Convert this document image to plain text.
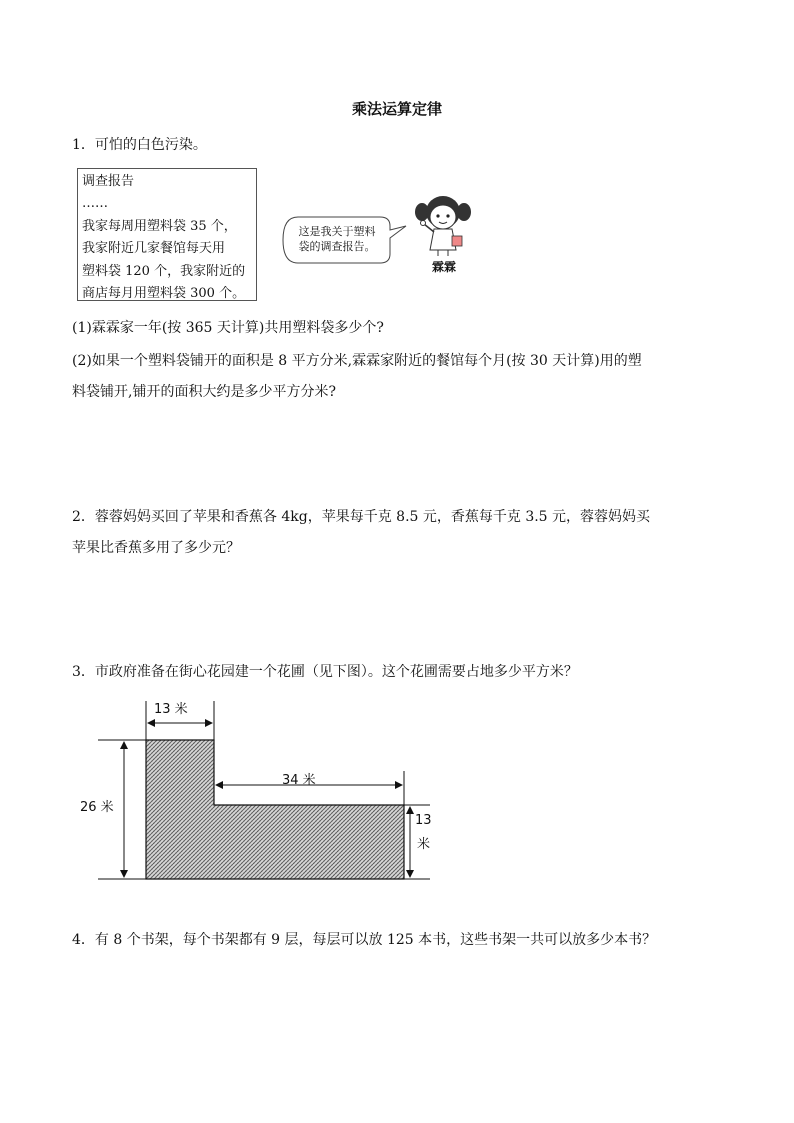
乘法运算定律
1．可怕的白色污染。
调查报告
……
我家每周用塑料袋 35 个，
我家附近几家餐馆每天用
塑料袋 120 个，我家附近的
商店每月用塑料袋 300 个。
这是我关于塑料
袋的调查报告。
霖霖
(1)霖霖家一年(按 365 天计算)共用塑料袋多少个?
(2)如果一个塑料袋铺开的面积是 8 平方分米,霖霖家附近的餐馆每个月(按 30 天计算)用的塑
料袋铺开,铺开的面积大约是多少平方分米?
2．蓉蓉妈妈买回了苹果和香蕉各 4kg，苹果每千克 8.5 元，香蕉每千克 3.5 元，蓉蓉妈妈买
苹果比香蕉多用了多少元？
3．市政府准备在街心花园建一个花圃（见下图）。这个花圃需要占地多少平方米？
13 米
34 米
26 米
13
米
4．有 8 个书架，每个书架都有 9 层，每层可以放 125 本书，这些书架一共可以放多少本书？
